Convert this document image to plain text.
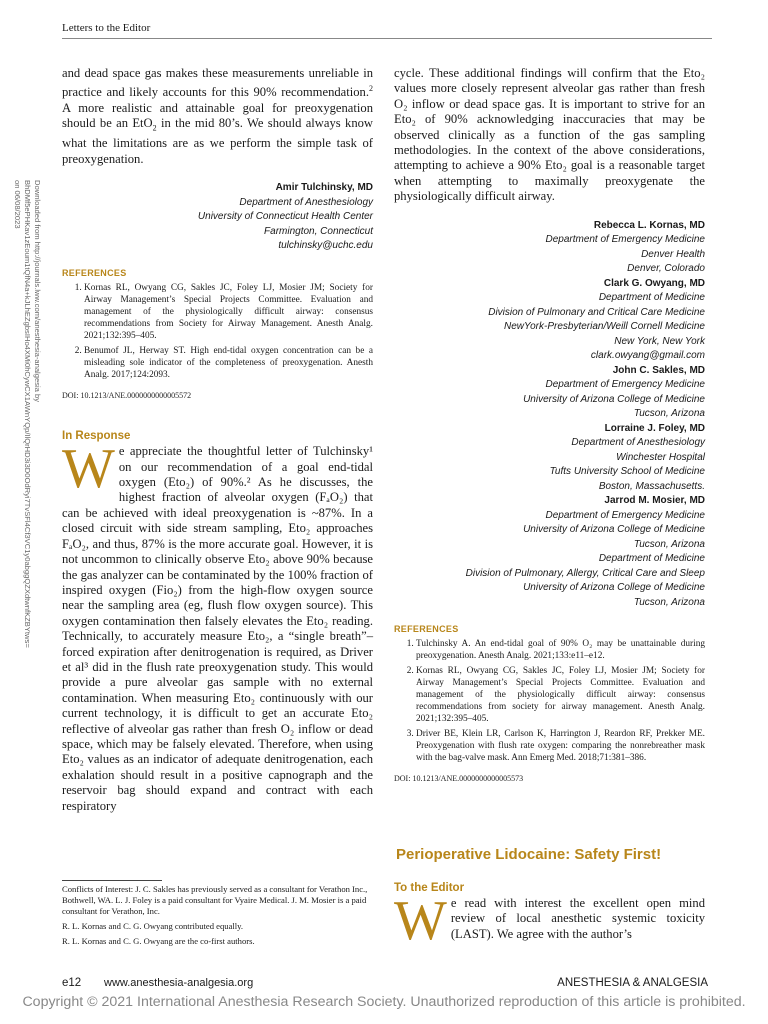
Letters to the Editor
Downloaded from http://journals.lww.com/anesthesia-analgesia by BhDMf5ePHKav1zEoum1tQfN4a+kJLhEZgbsIHo4XMi0hCywCX1AWnYQp/IlQrHD3i3D0OdRyi7TvSFl4Cf3VC1y0abggQZXdtwnfKZBYtws= on 06/08/2023

and dead space gas makes these measurements unreliable in practice and likely accounts for this 90% recommendation.$^2$ A more realistic and attainable goal for preoxygenation should be an EtO$_2$ in the mid 80’s. We should always know what the limitations are as we perform the simple task of preoxygenation.

Amir Tulchinsky, MD
Department of Anesthesiology
University of Connecticut Health Center
Farmington, Connecticut
tulchinsky@uchc.edu
REFERENCES
1. Kornas RL, Owyang CG, Sakles JC, Foley LJ, Mosier JM; Society for Airway Management’s Special Projects Committee. Evaluation and management of the physiologically difficult airway: consensus recommendations from Society for Airway Management. Anesth Analg. 2021;132:395–405.
2. Benumof JL, Herway ST. High end-tidal oxygen concentration can be a misleading sole indicator of the completeness of preoxygenation. Anesth Analg. 2017;124:2093.
DOI: 10.1213/ANE.0000000000005572
In Response

We appreciate the thoughtful letter of Tulchinsky¹ on our recommendation of a goal end-tidal oxygen (Eto₂) of 90%.² As he discusses, the highest fraction of alveolar oxygen (FₐO₂) that can be achieved with ideal preoxygenation is ~87%. In a closed circuit with side stream sampling, Eto₂ approaches FₐO₂, and thus, 87% is the more accurate goal. However, it is not uncommon to clinically observe Eto₂ above 90% because the gas analyzer can be contaminated by the 100% fraction of inspired oxygen (Fio₂) from the high-flow oxygen source near the sampling area (eg, flush flow oxygen source). This oxygen contamination then falsely elevates the Eto₂ reading. Technically, to accurately measure Eto₂, a “single breath”–forced expiration after denitrogenation is required, as Driver et al³ did in the flush rate preoxygenation study. This would provide a pure alveolar gas sample with no external contamination. When measuring Eto₂ continuously with our current technology, it is difficult to get an accurate Eto₂ reflective of alveolar gas rather than fresh O₂ inflow or dead space, which may be falsely elevated. Therefore, when using Eto₂ values as an indicator of adequate denitrogenation, each exhalation should result in a positive capnograph and the reservoir bag should expand and contract with each respiratory

Conflicts of Interest: J. C. Sakles has previously served as a consultant for Verathon Inc., Bothwell, WA. L. J. Foley is a paid consultant for Vyaire Medical. J. M. Mosier is a paid consultant for Verathon, Inc.

R. L. Kornas and C. G. Owyang contributed equally.

R. L. Kornas and C. G. Owyang are the co-first authors.

cycle. These additional findings will confirm that the Eto₂ values more closely represent alveolar gas rather than fresh O₂ inflow or dead space gas. It is important to strive for an Eto₂ of 90% acknowledging inaccuracies that may be observed clinically as a function of the gas sampling methodologies. In the context of the above considerations, attempting to achieve a 90% Eto₂ goal is a reasonable target when attempting to maximally preoxygenate the physiologically difficult airway.

Rebecca L. Kornas, MD
Department of Emergency Medicine
Denver Health
Denver, Colorado
Clark G. Owyang, MD
Department of Medicine
Division of Pulmonary and Critical Care Medicine
NewYork-Presbyterian/Weill Cornell Medicine
New York, New York
clark.owyang@gmail.com
John C. Sakles, MD
Department of Emergency Medicine
University of Arizona College of Medicine
Tucson, Arizona
Lorraine J. Foley, MD
Department of Anesthesiology
Winchester Hospital
Tufts University School of Medicine
Boston, Massachusetts.
Jarrod M. Mosier, MD
Department of Emergency Medicine
University of Arizona College of Medicine
Tucson, Arizona
Department of Medicine
Division of Pulmonary, Allergy, Critical Care and Sleep
University of Arizona College of Medicine
Tucson, Arizona
REFERENCES
1. Tulchinsky A. An end-tidal goal of 90% O₂ may be unattainable during preoxygenation. Anesth Analg. 2021;133:e11–e12.
2. Kornas RL, Owyang CG, Sakles JC, Foley LJ, Mosier JM; Society for Airway Management’s Special Projects Committee. Evaluation and management of the physiologically difficult airway: consensus recommendations from society for airway management. Anesth Analg. 2021;132:395–405.
3. Driver BE, Klein LR, Carlson K, Harrington J, Reardon RF, Prekker ME. Preoxygenation with flush rate oxygen: comparing the nonrebreather mask with the bag-valve mask. Ann Emerg Med. 2018;71:381–386.
DOI: 10.1213/ANE.0000000000005573
Perioperative Lidocaine: Safety First!
To the Editor

We read with interest the excellent open mind review of local anesthetic systemic toxicity (LAST). We agree with the author’s

e12 www.anesthesia-analgesia.org	ANESTHESIA & ANALGESIA
Copyright © 2021 International Anesthesia Research Society. Unauthorized reproduction of this article is prohibited.
